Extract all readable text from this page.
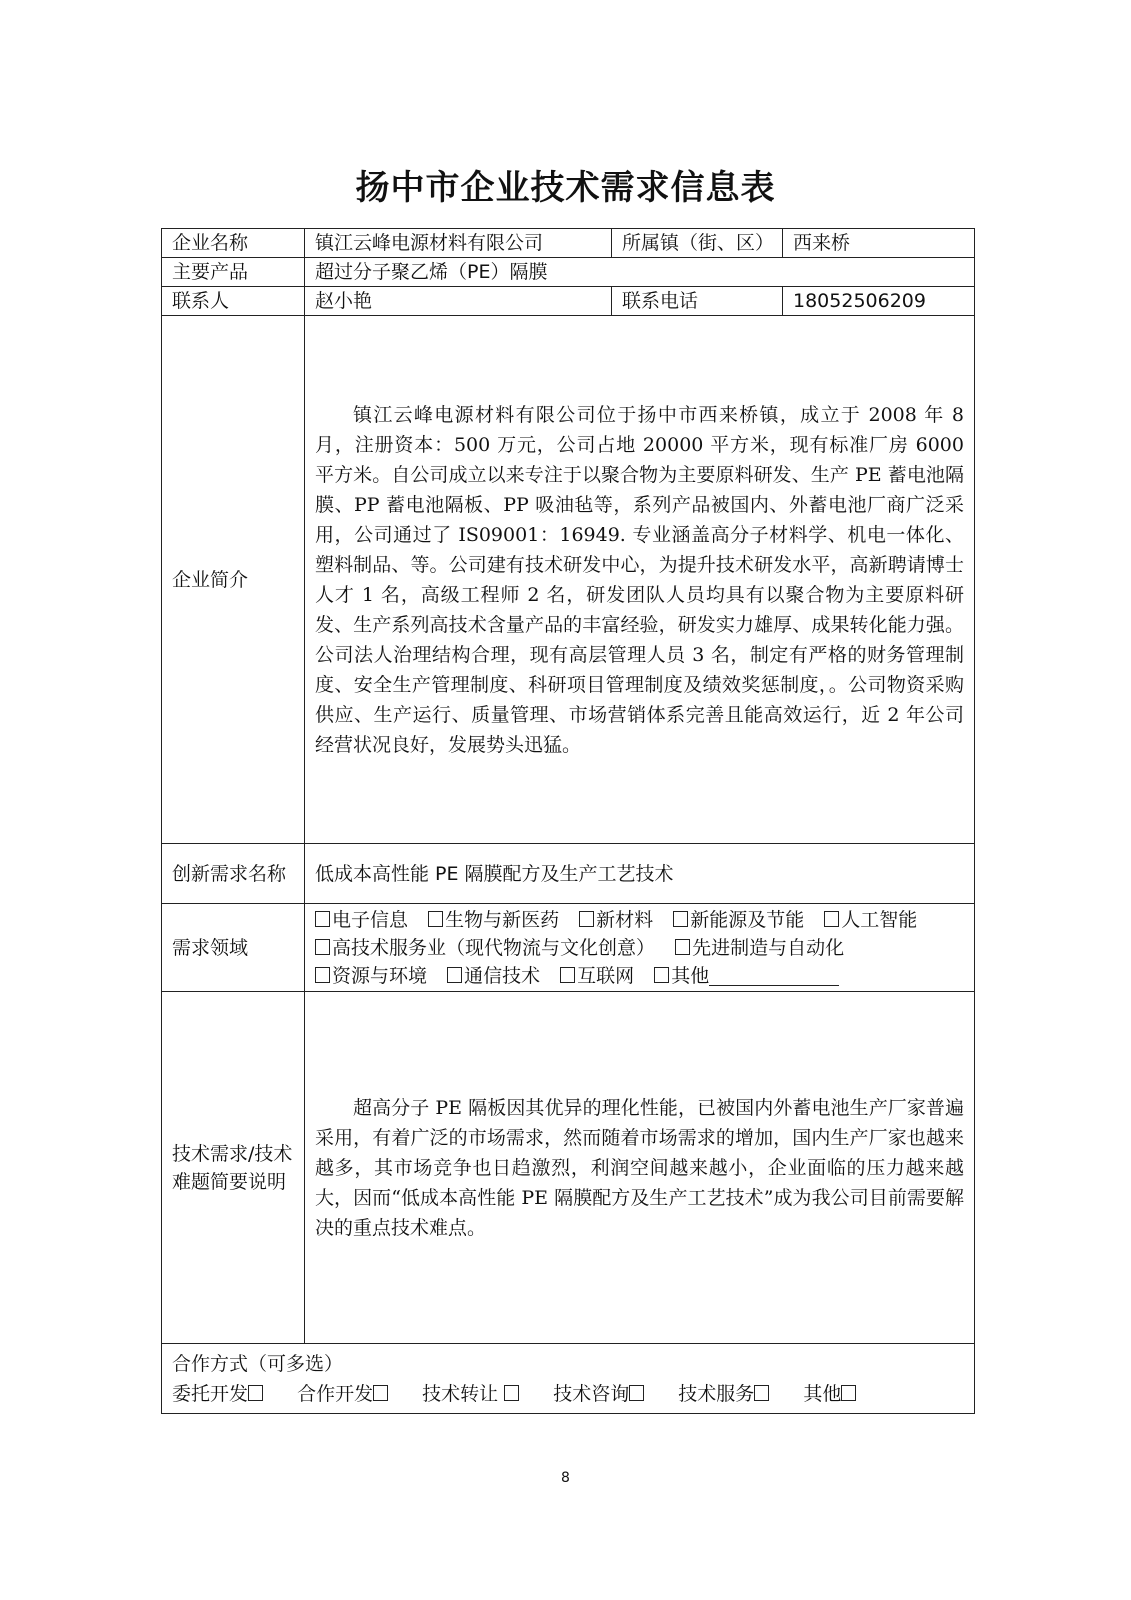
扬中市企业技术需求信息表
企业名称	镇江云峰电源材料有限公司	所属镇（街、区）	西来桥
主要产品	超过分子聚乙烯（PE）隔膜		
联系人	赵小艳	联系电话	18052506209
企业简介	镇江云峰电源材料有限公司位于扬中市西来桥镇，成立于 2008 年 8 月，注册资本：500 万元，公司占地 20000 平方米，现有标准厂房 6000 平方米。自公司成立以来专注于以聚合物为主要原料研发、生产 PE 蓄电池隔膜、PP 蓄电池隔板、PP 吸油毡等，系列产品被国内、外蓄电池厂商广泛采用，公司通过了 IS09001：16949. 专业涵盖高分子材料学、机电一体化、塑料制品、等。公司建有技术研发中心，为提升技术研发水平，高新聘请博士人才 1 名，高级工程师 2 名，研发团队人员均具有以聚合物为主要原料研发、生产系列高技术含量产品的丰富经验，研发实力雄厚、成果转化能力强。公司法人治理结构合理，现有高层管理人员 3 名，制定有严格的财务管理制度、安全生产管理制度、科研项目管理制度及绩效奖惩制度，。公司物资采购供应、生产运行、质量管理、市场营销体系完善且能高效运行，近 2 年公司经营状况良好，发展势头迅猛。		

创新需求名称	低成本高性能 PE 隔膜配方及生产工艺技术		
需求领域	电子信息 生物与新医药 新材料 新能源及节能 人工智能 高技术服务业（现代物流与文化创意） 先进制造与自动化 资源与环境 通信技术 互联网 其他		
技术需求/技术难题简要说明	超高分子 PE 隔板因其优异的理化性能，已被国内外蓄电池生产厂家普遍采用，有着广泛的市场需求，然而随着市场需求的增加，国内生产厂家也越来越多，其市场竞争也日趋激烈，利润空间越来越小，企业面临的压力越来越大，因而“低成本高性能 PE 隔膜配方及生产工艺技术”成为我公司目前需要解决的重点技术难点。		

合作方式（可多选）
委托开发 合作开发 技术转让 技术咨询 技术服务 其他			
8
